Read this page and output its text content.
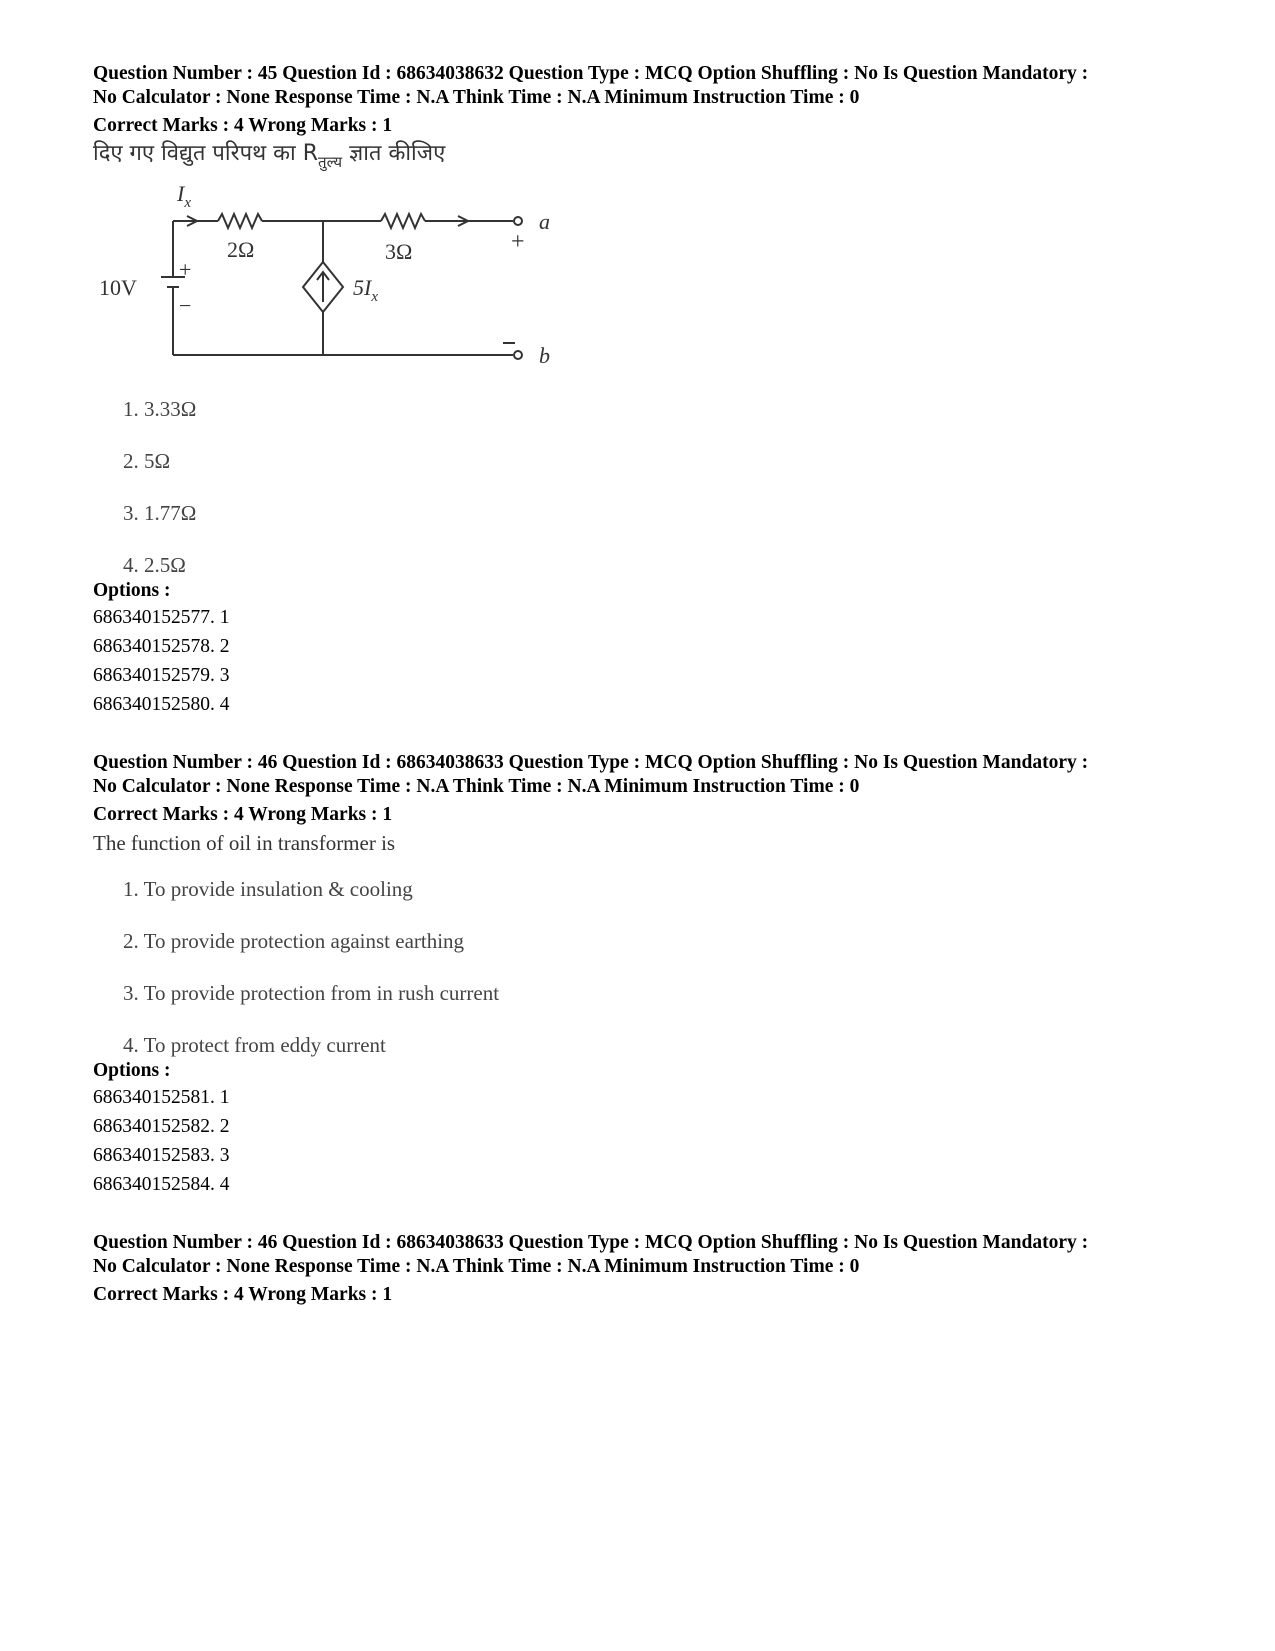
Question Number : 45 Question Id : 68634038632 Question Type : MCQ Option Shuffling : No Is Question Mandatory :
No Calculator : None Response Time : N.A Think Time : N.A Minimum Instruction Time : 0
Correct Marks : 4 Wrong Marks : 1
दिए गए विद्युत परिपथ का $R_{तुल्य}$ ज्ञात कीजिए
$I_x$
2Ω	3Ω
10V
+
−
$5I_x$
+
a
b
1. 3.33Ω
2. 5Ω
3. 1.77Ω
4. 2.5Ω
Options :
686340152577. 1
686340152578. 2
686340152579. 3
686340152580. 4
Question Number : 46 Question Id : 68634038633 Question Type : MCQ Option Shuffling : No Is Question Mandatory :
No Calculator : None Response Time : N.A Think Time : N.A Minimum Instruction Time : 0
Correct Marks : 4 Wrong Marks : 1
The function of oil in transformer is
1. To provide insulation & cooling
2. To provide protection against earthing
3. To provide protection from in rush current
4. To protect from eddy current
Options :
686340152581. 1
686340152582. 2
686340152583. 3
686340152584. 4
Question Number : 46 Question Id : 68634038633 Question Type : MCQ Option Shuffling : No Is Question Mandatory :
No Calculator : None Response Time : N.A Think Time : N.A Minimum Instruction Time : 0
Correct Marks : 4 Wrong Marks : 1
